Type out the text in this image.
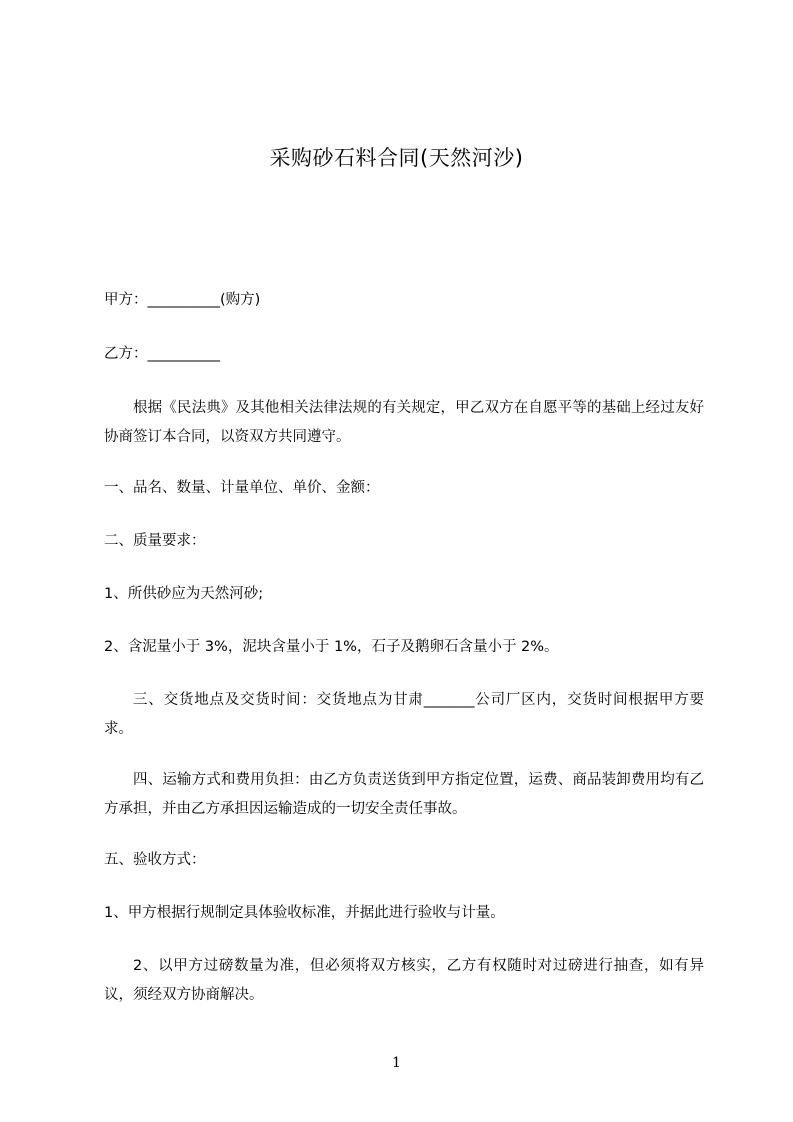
采购砂石料合同(天然河沙)
甲方：__________(购方)
乙方：__________
根据《民法典》及其他相关法律法规的有关规定，甲乙双方在自愿平等的基础上经过友好协商签订本合同，以资双方共同遵守。
一、品名、数量、计量单位、单价、金额：
二、质量要求：
1、所供砂应为天然河砂;
2、含泥量小于 3%，泥块含量小于 1%，石子及鹅卵石含量小于 2%。
三、交货地点及交货时间：交货地点为甘肃_______公司厂区内，交货时间根据甲方要求。
四、运输方式和费用负担：由乙方负责送货到甲方指定位置，运费、商品装卸费用均有乙方承担，并由乙方承担因运输造成的一切安全责任事故。
五、验收方式：
1、甲方根据行规制定具体验收标准，并据此进行验收与计量。
2、以甲方过磅数量为准，但必须将双方核实，乙方有权随时对过磅进行抽查，如有异议，须经双方协商解决。
1
